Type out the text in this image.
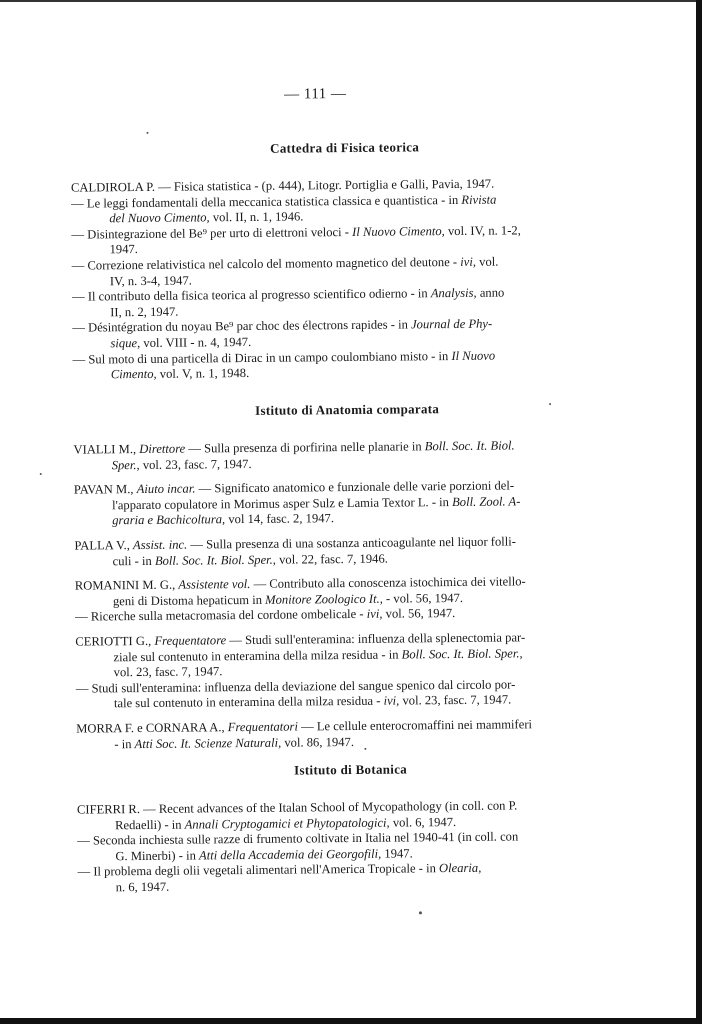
— 111 —
Cattedra di Fisica teorica
CALDIROLA P. — Fisica statistica - (p. 444), Litogr. Portiglia e Galli, Pavia, 1947.
— Le leggi fondamentali della meccanica statistica classica e quantistica - in Rivista
del Nuovo Cimento, vol. II, n. 1, 1946.
— Disintegrazione del Be⁹ per urto di elettroni veloci - Il Nuovo Cimento, vol. IV, n. 1-2,
1947.
— Correzione relativistica nel calcolo del momento magnetico del deutone - ivi, vol.
IV, n. 3-4, 1947.
— Il contributo della fisica teorica al progresso scientifico odierno - in Analysis, anno
II, n. 2, 1947.
— Désintégration du noyau Be⁹ par choc des électrons rapides - in Journal de Phy-
sique, vol. VIII - n. 4, 1947.
— Sul moto di una particella di Dirac in un campo coulombiano misto - in Il Nuovo
Cimento, vol. V, n. 1, 1948.
Istituto di Anatomia comparata
VIALLI M., Direttore — Sulla presenza di porfirina nelle planarie in Boll. Soc. It. Biol.
Sper., vol. 23, fasc. 7, 1947.
PAVAN M., Aiuto incar. — Significato anatomico e funzionale delle varie porzioni del-
l'apparato copulatore in Morimus asper Sulz e Lamia Textor L. - in Boll. Zool. A-
graria e Bachicoltura, vol 14, fasc. 2, 1947.
PALLA V., Assist. inc. — Sulla presenza di una sostanza anticoagulante nel liquor folli-
culi - in Boll. Soc. It. Biol. Sper., vol. 22, fasc. 7, 1946.
ROMANINI M. G., Assistente vol. — Contributo alla conoscenza istochimica dei vitello-
geni di Distoma hepaticum in Monitore Zoologico It., - vol. 56, 1947.
— Ricerche sulla metacromasia del cordone ombelicale - ivi, vol. 56, 1947.
CERIOTTI G., Frequentatore — Studi sull'enteramina: influenza della splenectomia par-
ziale sul contenuto in enteramina della milza residua - in Boll. Soc. It. Biol. Sper.,
vol. 23, fasc. 7, 1947.
— Studi sull'enteramina: influenza della deviazione del sangue spenico dal circolo por-
tale sul contenuto in enteramina della milza residua - ivi, vol. 23, fasc. 7, 1947.
MORRA F. e CORNARA A., Frequentatori — Le cellule enterocromaffini nei mammiferi
- in Atti Soc. It. Scienze Naturali, vol. 86, 1947.
Istituto di Botanica
CIFERRI R. — Recent advances of the Italan School of Mycopathology (in coll. con P.
Redaelli) - in Annali Cryptogamici et Phytopatologici, vol. 6, 1947.
— Seconda inchiesta sulle razze di frumento coltivate in Italia nel 1940-41 (in coll. con
G. Minerbi) - in Atti della Accademia dei Georgofili, 1947.
— Il problema degli olii vegetali alimentari nell'America Tropicale - in Olearia,
n. 6, 1947.
